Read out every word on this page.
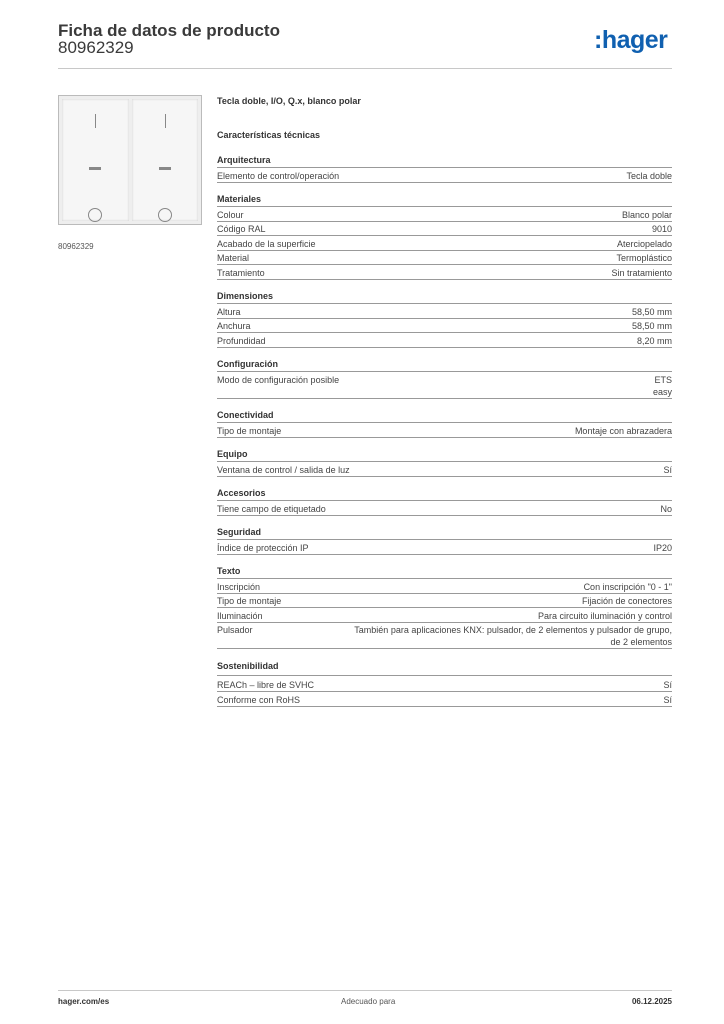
Ficha de datos de producto
80962329	:hager
80962329
Tecla doble, I/O, Q.x, blanco polar
Características técnicas
Arquitectura
Elemento de control/operación	Tecla doble
Materiales
Colour	Blanco polar
Código RAL	9010
Acabado de la superficie	Aterciopelado
Material	Termoplástico
Tratamiento	Sin tratamiento
Dimensiones
Altura	58,50 mm
Anchura	58,50 mm
Profundidad	8,20 mm
Configuración
Modo de configuración posible	ETS
easy
Conectividad
Tipo de montaje	Montaje con abrazadera
Equipo
Ventana de control / salida de luz	Sí
Accesorios
Tiene campo de etiquetado	No
Seguridad
Índice de protección IP	IP20
Texto
Inscripción	Con inscripción "0 - 1"
Tipo de montaje	Fijación de conectores
Iluminación	Para circuito iluminación y control
Pulsador	También para aplicaciones KNX: pulsador, de 2 elementos y pulsador de grupo, de 2 elementos
Sostenibilidad
REACh – libre de SVHC	Sí
Conforme con RoHS	Sí
hager.com/es	Adecuado para	06.12.2025
